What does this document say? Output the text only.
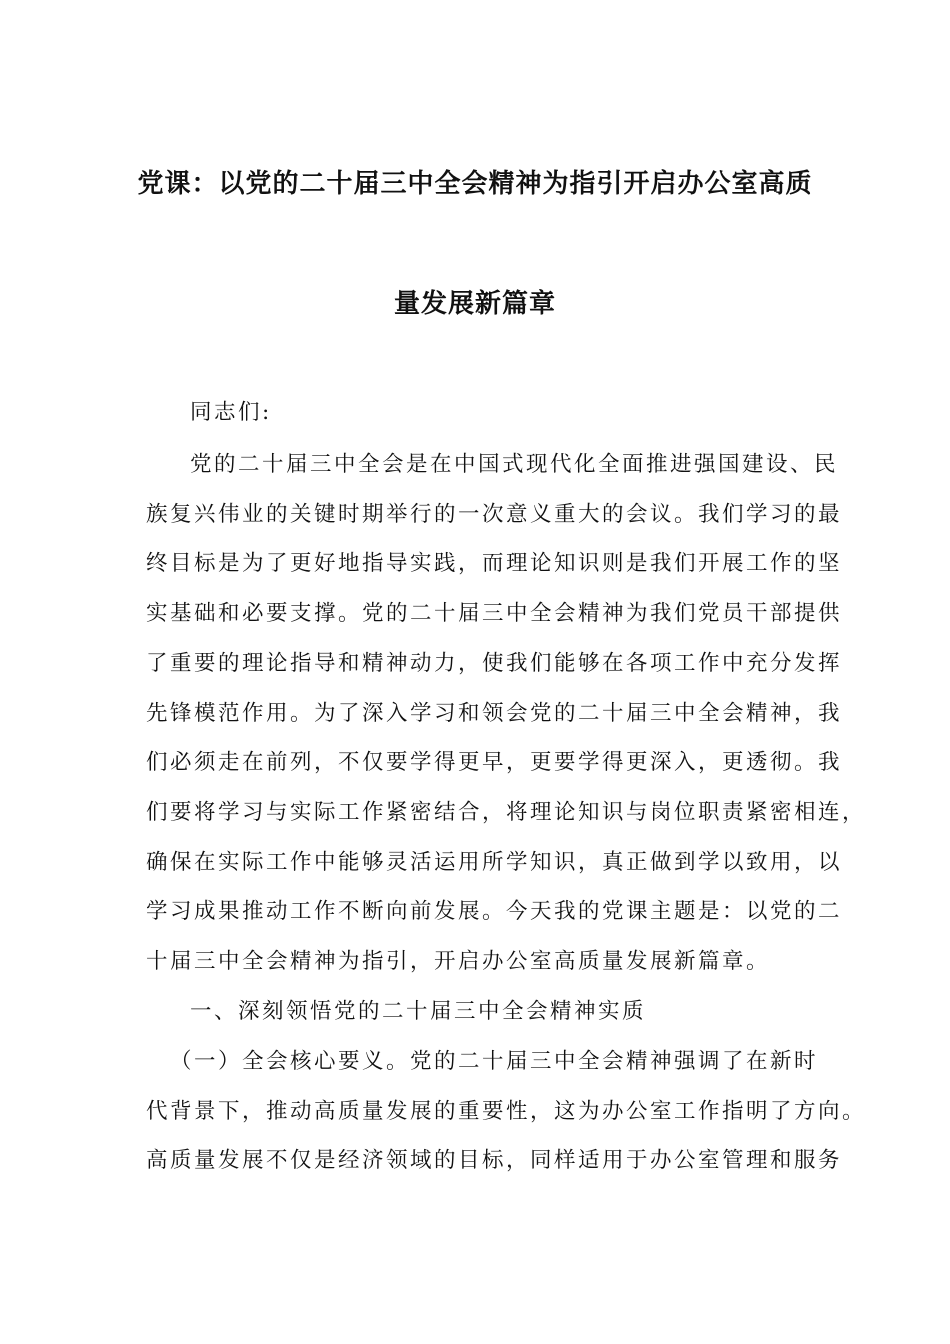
党课：以党的二十届三中全会精神为指引开启办公室高质
量发展新篇章
同志们:
党的二十届三中全会是在中国式现代化全面推进强国建设、民
族复兴伟业的关键时期举行的一次意义重大的会议。我们学习的最
终目标是为了更好地指导实践，而理论知识则是我们开展工作的坚
实基础和必要支撑。党的二十届三中全会精神为我们党员干部提供
了重要的理论指导和精神动力，使我们能够在各项工作中充分发挥
先锋模范作用。为了深入学习和领会党的二十届三中全会精神，我
们必须走在前列，不仅要学得更早，更要学得更深入，更透彻。我
们要将学习与实际工作紧密结合，将理论知识与岗位职责紧密相连，
确保在实际工作中能够灵活运用所学知识，真正做到学以致用，以
学习成果推动工作不断向前发展。今天我的党课主题是：以党的二
十届三中全会精神为指引，开启办公室高质量发展新篇章。
一、深刻领悟党的二十届三中全会精神实质
（一）全会核心要义。党的二十届三中全会精神强调了在新时
代背景下，推动高质量发展的重要性，这为办公室工作指明了方向。
高质量发展不仅是经济领域的目标，同样适用于办公室管理和服务
